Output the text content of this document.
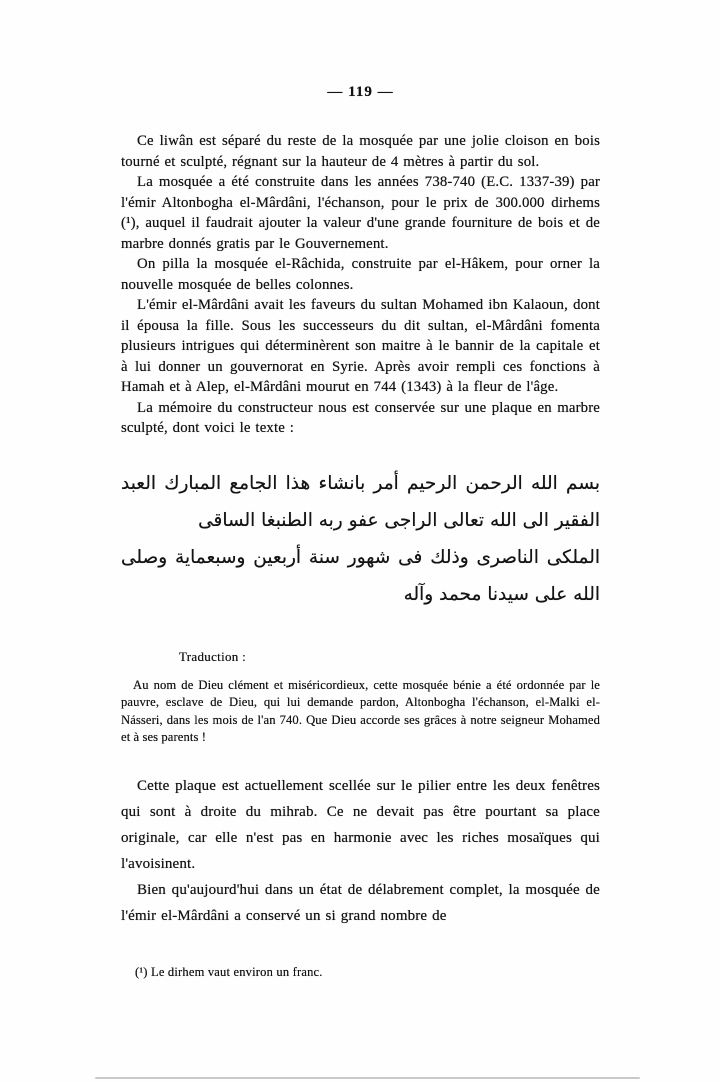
— 119 —

Ce liwân est séparé du reste de la mosquée par une jolie cloison en bois tourné et sculpté, régnant sur la hauteur de 4 mètres à partir du sol.

La mosquée a été construite dans les années 738-740 (E.C. 1337-39) par l'émir Altonbogha el-Mârdâni, l'échanson, pour le prix de 300.000 dirhems (¹), auquel il faudrait ajouter la valeur d'une grande fourniture de bois et de marbre donnés gratis par le Gouvernement.

On pilla la mosquée el-Râchida, construite par el-Hâkem, pour orner la nouvelle mosquée de belles colonnes.

L'émir el-Mârdâni avait les faveurs du sultan Mohamed ibn Kalaoun, dont il épousa la fille. Sous les successeurs du dit sultan, el-Mârdâni fomenta plusieurs intrigues qui déterminèrent son maitre à le bannir de la capitale et à lui donner un gouvernorat en Syrie. Après avoir rempli ces fonctions à Hamah et à Alep, el-Mârdâni mourut en 744 (1343) à la fleur de l'âge.

La mémoire du constructeur nous est conservée sur une plaque en marbre sculpté, dont voici le texte :

بسم الله الرحمن الرحيم أمر بانشاء هذا الجامع المبارك العبد الفقير الى الله تعالى الراجى عفو ربه الطنبغا الساقى
الملكى الناصرى وذلك فى شهور سنة أربعين وسبعماية وصلى الله على سيدنا محمد وآله
Traduction :

Au nom de Dieu clément et miséricordieux, cette mosquée bénie a été ordonnée par le pauvre, esclave de Dieu, qui lui demande pardon, Altonbogha l'échanson, el-Malki el-Násseri, dans les mois de l'an 740. Que Dieu accorde ses grâces à notre seigneur Mohamed et à ses parents !

Cette plaque est actuellement scellée sur le pilier entre les deux fenêtres qui sont à droite du mihrab. Ce ne devait pas être pourtant sa place originale, car elle n'est pas en harmonie avec les riches mosaïques qui l'avoisinent.

Bien qu'aujourd'hui dans un état de délabrement complet, la mosquée de l'émir el-Mârdâni a conservé un si grand nombre de

(¹) Le dirhem vaut environ un franc.
